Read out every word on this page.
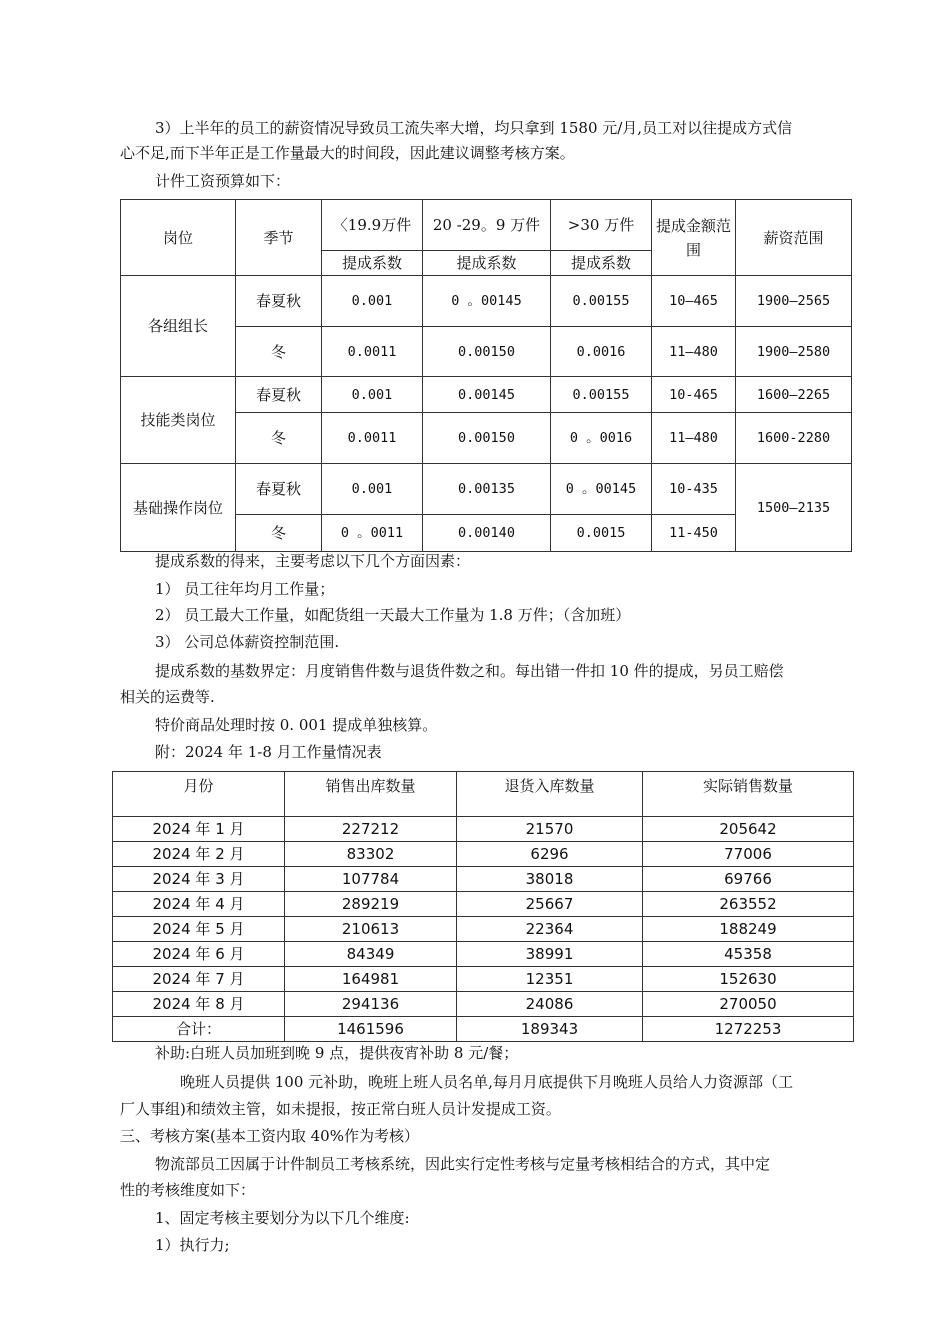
3）上半年的员工的薪资情况导致员工流失率大增，均只拿到 1580 元/月,员工对以往提成方式信
心不足,而下半年正是工作量最大的时间段，因此建议调整考核方案。
计件工资预算如下：
岗位	季节	〈19.9万件	20 -29。9 万件	>30 万件	提成金额范围	薪资范围
		提成系数	提成系数	提成系数		
各组组长	春夏秋	0.001	0 。00145	0.00155	10—465	1900—2565
	冬	0.0011	0.00150	0.0016	11—480	1900—2580
技能类岗位	春夏秋	0.001	0.00145	0.00155	10-465	1600—2265
	冬	0.0011	0.00150	0 。0016	11—480	1600-2280
基础操作岗位	春夏秋	0.001	0.00135	0 。00145	10-435	1500—2135
	冬	0 。0011	0.00140	0.0015	11-450	
提成系数的得来，主要考虑以下几个方面因素：
1） 员工往年均月工作量；
2） 员工最大工作量，如配货组一天最大工作量为 1.8 万件；（含加班）
3） 公司总体薪资控制范围.
提成系数的基数界定：月度销售件数与退货件数之和。每出错一件扣 10 件的提成，另员工赔偿
相关的运费等.
特价商品处理时按 0. 001 提成单独核算。
附：2024 年 1-8 月工作量情况表
月份	销售出库数量	退货入库数量	实际销售数量
2024 年 1 月	227212	21570	205642
2024 年 2 月	83302	6296	77006
2024 年 3 月	107784	38018	69766
2024 年 4 月	289219	25667	263552
2024 年 5 月	210613	22364	188249
2024 年 6 月	84349	38991	45358
2024 年 7 月	164981	12351	152630
2024 年 8 月	294136	24086	270050
合计：	1461596	189343	1272253
补助:白班人员加班到晚 9 点，提供夜宵补助 8 元/餐；
晚班人员提供 100 元补助，晚班上班人员名单,每月月底提供下月晚班人员给人力资源部（工
厂人事组)和绩效主管，如未提报，按正常白班人员计发提成工资。
三、考核方案(基本工资内取 40%作为考核）
物流部员工因属于计件制员工考核系统，因此实行定性考核与定量考核相结合的方式，其中定
性的考核维度如下：
1、固定考核主要划分为以下几个维度:
1）执行力;
